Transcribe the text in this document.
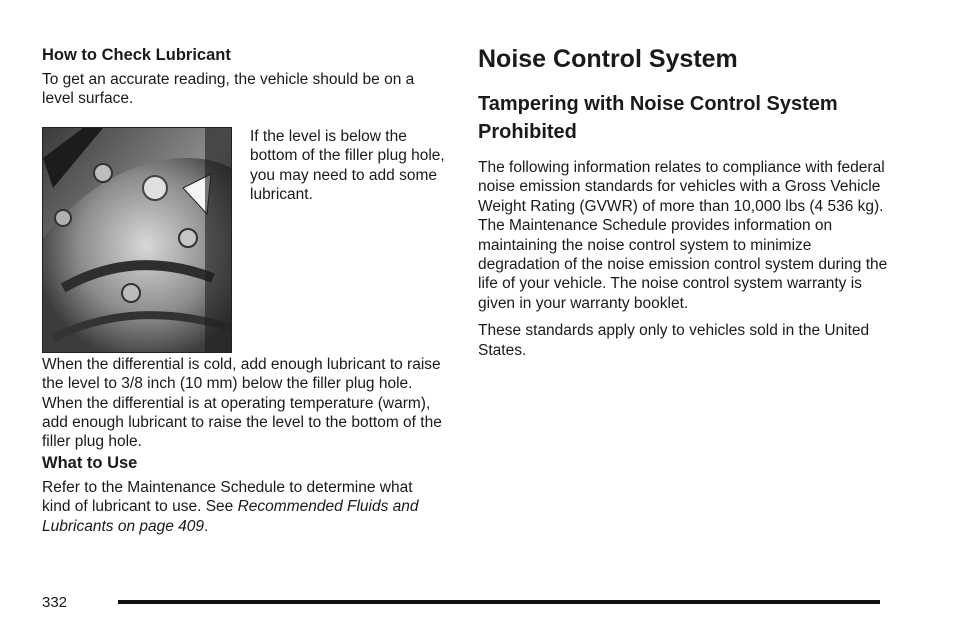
How to Check Lubricant

To get an accurate reading, the vehicle should be on a level surface.

If the level is below the bottom of the filler plug hole, you may need to add some lubricant.

When the differential is cold, add enough lubricant to raise the level to 3/8 inch (10 mm) below the filler plug hole.

When the differential is at operating temperature (warm), add enough lubricant to raise the level to the bottom of the filler plug hole.

What to Use

Refer to the Maintenance Schedule to determine what kind of lubricant to use. See Recommended Fluids and Lubricants on page 409.

Noise Control System
Tampering with Noise Control System Prohibited

The following information relates to compliance with federal noise emission standards for vehicles with a Gross Vehicle Weight Rating (GVWR) of more than 10,000 lbs (4 536 kg). The Maintenance Schedule provides information on maintaining the noise control system to minimize degradation of the noise emission control system during the life of your vehicle. The noise control system warranty is given in your warranty booklet.

These standards apply only to vehicles sold in the United States.

332
